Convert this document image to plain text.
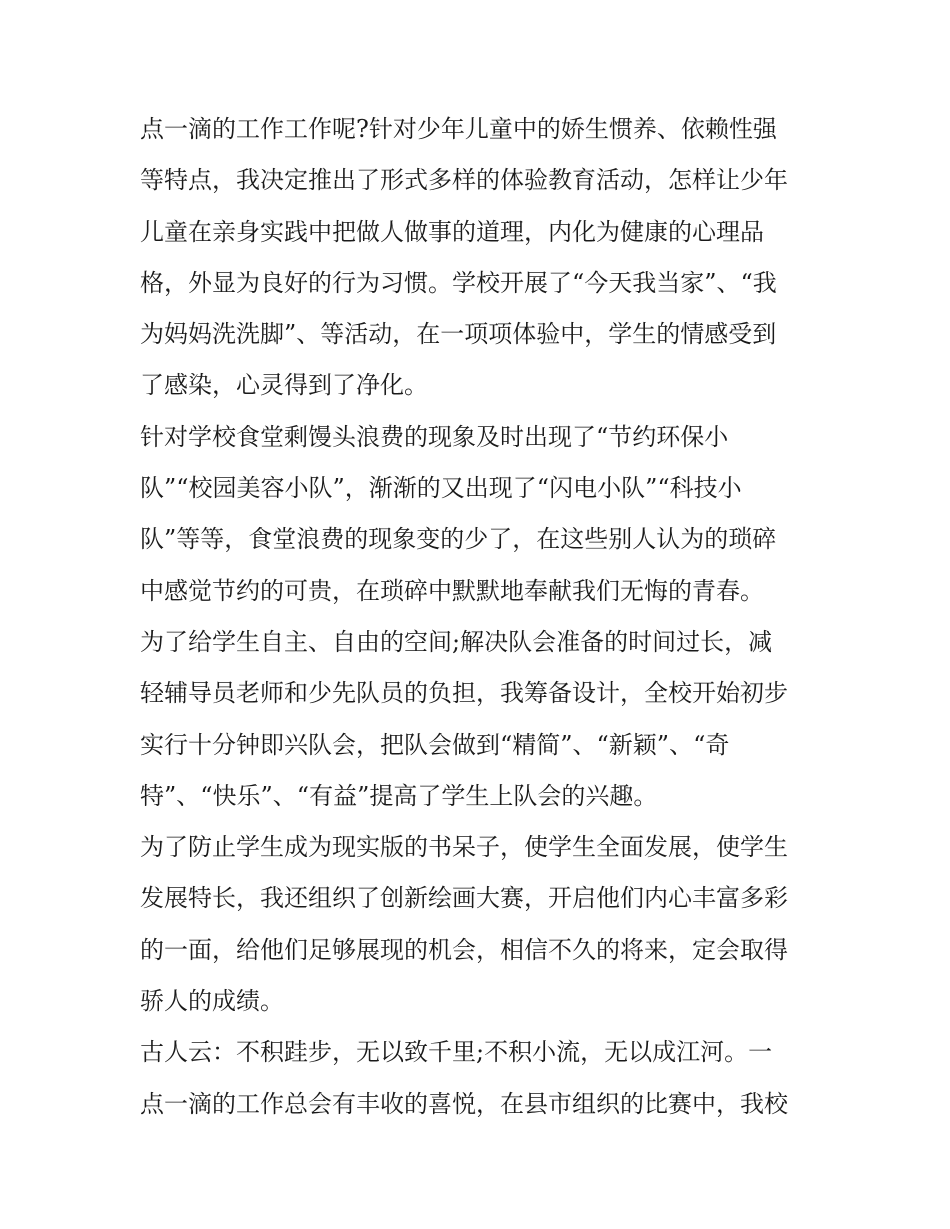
点一滴的工作工作呢?针对少年儿童中的娇生惯养、依赖性强
等特点，我决定推出了形式多样的体验教育活动，怎样让少年
儿童在亲身实践中把做人做事的道理，内化为健康的心理品
格，外显为良好的行为习惯。学校开展了“今天我当家”、“我
为妈妈洗洗脚”、等活动，在一项项体验中，学生的情感受到
了感染，心灵得到了净化。
针对学校食堂剩馒头浪费的现象及时出现了“节约环保小
队”“校园美容小队”，渐渐的又出现了“闪电小队”“科技小
队”等等，食堂浪费的现象变的少了，在这些别人认为的琐碎
中感觉节约的可贵，在琐碎中默默地奉献我们无悔的青春。
为了给学生自主、自由的空间;解决队会准备的时间过长，减
轻辅导员老师和少先队员的负担，我筹备设计，全校开始初步
实行十分钟即兴队会，把队会做到“精简”、“新颖”、“奇
特”、“快乐”、“有益”提高了学生上队会的兴趣。
为了防止学生成为现实版的书呆子，使学生全面发展，使学生
发展特长，我还组织了创新绘画大赛，开启他们内心丰富多彩
的一面，给他们足够展现的机会，相信不久的将来，定会取得
骄人的成绩。
古人云：不积跬步，无以致千里;不积小流，无以成江河。一
点一滴的工作总会有丰收的喜悦，在县市组织的比赛中，我校
